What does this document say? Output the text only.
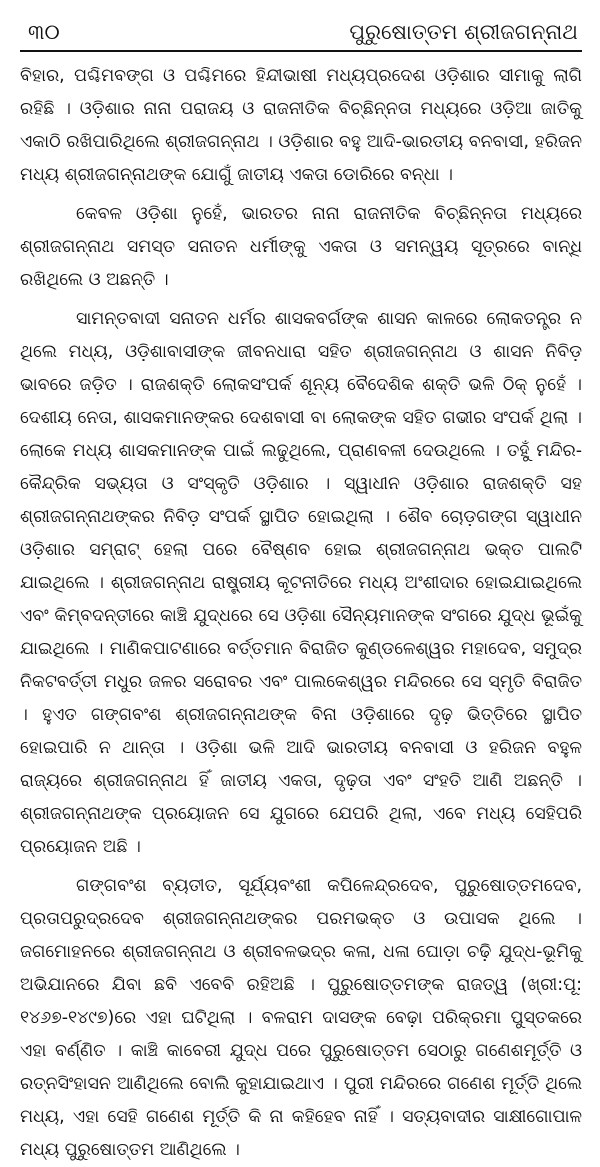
୩୦	ପୁରୁଷୋତ୍ତମ ଶ୍ରୀଜଗନ୍ନାଥ

ବିହାର, ପଶ୍ଚିମବଙ୍ଗ ଓ ପଶ୍ଚିମରେ ହିନ୍ଦୀଭାଷୀ ମଧ୍ୟପ୍ରଦେଶ ଓଡ଼ିଶାର ସୀମାକୁ ଲାଗି ରହିଛି । ଓଡ଼ିଶାର ନାନା ପରାଜୟ ଓ ରାଜନୀତିକ ବିଚ୍ଛିନ୍ନତା ମଧ୍ୟରେ ଓଡ଼ିଆ ଜାତିକୁ ଏକାଠି ରଖିପାରିଥିଲେ ଶ୍ରୀଜଗନ୍ନାଥ । ଓଡ଼ିଶାର ବହୁ ଆଦି-ଭାରତୀୟ ବନବାସୀ, ହରିଜନ ମଧ୍ୟ ଶ୍ରୀଜଗନ୍ନାଥଙ୍କ ଯୋଗୁଁ ଜାତୀୟ ଏକତା ଡୋରିରେ ବନ୍ଧା ।

କେବଳ ଓଡ଼ିଶା ନୁହେଁ, ଭାରତର ନାନା ରାଜନୀତିକ ବିଚ୍ଛିନ୍ନତା ମଧ୍ୟରେ ଶ୍ରୀଜଗନ୍ନାଥ ସମସ୍ତ ସନାତନ ଧର୍ମୀଙ୍କୁ ଏକତା ଓ ସମନ୍ୱୟ ସୂତ୍ରରେ ବାନ୍ଧି ରଖିଥିଲେ ଓ ଅଛନ୍ତି ।

ସାମନ୍ତବାଦୀ ସନାତନ ଧର୍ମର ଶାସକବର୍ଗଙ୍କ ଶାସନ କାଳରେ ଲୋକତନ୍ତ୍ର ନ ଥିଲେ ମଧ୍ୟ, ଓଡ଼ିଶାବାସୀଙ୍କ ଜୀବନଧାରା ସହିତ ଶ୍ରୀଜଗନ୍ନାଥ ଓ ଶାସନ ନିବିଡ଼ ଭାବରେ ଜଡ଼ିତ । ରାଜଶକ୍ତି ଲୋକସଂପର୍କ ଶୂନ୍ୟ ବୈଦେଶିକ ଶକ୍ତି ଭଳି ଠିକ୍ ନୁହେଁ । ଦେଶୀୟ ନେତା, ଶାସକମାନଙ୍କର ଦେଶବାସୀ ବା ଲୋକଙ୍କ ସହିତ ଗଭୀର ସଂପର୍କ ଥିଲା । ଲୋକେ ମଧ୍ୟ ଶାସକମାନଙ୍କ ପାଇଁ ଲଢୁଥିଲେ, ପ୍ରାଣବଳୀ ଦେଉଥିଲେ । ତହୁଁ ମନ୍ଦିର-କୈନ୍ଦ୍ରିକ ସଭ୍ୟତା ଓ ସଂସ୍କୃତି ଓଡ଼ିଶାର । ସ୍ୱାଧୀନ ଓଡ଼ିଶାର ରାଜଶକ୍ତି ସହ ଶ୍ରୀଜଗନ୍ନାଥଙ୍କର ନିବିଡ଼ ସଂପର୍କ ସ୍ଥାପିତ ହୋଇଥିଲା । ଶୈବ ଚୋଡ଼ଗଙ୍ଗ ସ୍ୱାଧୀନ ଓଡ଼ିଶାର ସମ୍ରାଟ୍ ହେଲା ପରେ ବୈଷ୍ଣବ ହୋଇ ଶ୍ରୀଜଗନ୍ନାଥ ଭକ୍ତ ପାଲଟି ଯାଇଥିଲେ । ଶ୍ରୀଜଗନ୍ନାଥ ରାଷ୍ଟ୍ରୀୟ କୂଟନୀତିରେ ମଧ୍ୟ ଅଂଶୀଦାର ହୋଇଯାଇଥିଲେ ଏବଂ କିମ୍ବଦନ୍ତୀରେ କାଞ୍ଚି ଯୁଦ୍ଧରେ ସେ ଓଡ଼ିଶା ସୈନ୍ୟମାନଙ୍କ ସଂଗରେ ଯୁଦ୍ଧ ଭୂଇଁକୁ ଯାଇଥିଲେ । ମାଣିକପାଟଣାରେ ବର୍ତ୍ତମାନ ବିରାଜିତ କୁଣ୍ଡଳେଶ୍ୱର ମହାଦେବ, ସମୁଦ୍ର ନିକଟବର୍ତ୍ତୀ ମଧୁର ଜଳର ସରୋବର ଏବଂ ପାଲକେଶ୍ୱର ମନ୍ଦିରରେ ସେ ସ୍ମୃତି ବିରାଜିତ । ହୁଏତ ଗଙ୍ଗବଂଶ ଶ୍ରୀଜଗନ୍ନାଥଙ୍କ ବିନା ଓଡ଼ିଶାରେ ଦୃଢ଼ ଭିତ୍ତିରେ ସ୍ଥାପିତ ହୋଇପାରି ନ ଥାନ୍ତା । ଓଡ଼ିଶା ଭଳି ଆଦି ଭାରତୀୟ ବନବାସୀ ଓ ହରିଜନ ବହୁଳ ରାଜ୍ୟରେ ଶ୍ରୀଜଗନ୍ନାଥ ହିଁ ଜାତୀୟ ଏକତା, ଦୃଢ଼ତା ଏବଂ ସଂହତି ଆଣି ଅଛନ୍ତି । ଶ୍ରୀଜଗନ୍ନାଥଙ୍କ ପ୍ରୟୋଜନ ସେ ଯୁଗରେ ଯେପରି ଥିଲା, ଏବେ ମଧ୍ୟ ସେହିପରି ପ୍ରୟୋଜନ ଅଛି ।

ଗଙ୍ଗବଂଶ ବ୍ୟତୀତ, ସୂର୍ଯ୍ୟବଂଶୀ କପିଳେନ୍ଦ୍ରଦେବ, ପୁରୁଷୋତ୍ତମଦେବ, ପ୍ରତାପରୁଦ୍ରଦେବ ଶ୍ରୀଜଗନ୍ନାଥଙ୍କର ପରମଭକ୍ତ ଓ ଉପାସକ ଥିଲେ । ଜଗମୋହନରେ ଶ୍ରୀଜଗନ୍ନାଥ ଓ ଶ୍ରୀବଳଭଦ୍ର କଳା, ଧଳା ଘୋଡ଼ା ଚଢ଼ି ଯୁଦ୍ଧ-ଭୂମିକୁ ଅଭିଯାନରେ ଯିବା ଛବି ଏବେବି ରହିଅଛି । ପୁରୁଷୋତ୍ତମଙ୍କ ରାଜତ୍ୱ (ଖ୍ରୀ:ପୂ: ୧୪୬୭-୧୪୯୭)ରେ ଏହା ଘଟିଥିଲା । ବଳରାମ ଦାସଙ୍କ ବେଢ଼ା ପରିକ୍ରମା ପୁସ୍ତକରେ ଏହା ବର୍ଣ୍ଣିତ । କାଞ୍ଚି କାବେରୀ ଯୁଦ୍ଧ ପରେ ପୁରୁଷୋତ୍ତମ ସେଠାରୁ ଗଣେଶମୂର୍ତ୍ତି ଓ ରତ୍ନସିଂହାସନ ଆଣିଥିଲେ ବୋଲି କୁହାଯାଇଥାଏ । ପୁରୀ ମନ୍ଦିରରେ ଗଣେଶ ମୂର୍ତ୍ତି ଥିଲେ ମଧ୍ୟ, ଏହା ସେହି ଗଣେଶ ମୂର୍ତ୍ତି କି ନା କହିହେବ ନାହିଁ । ସତ୍ୟବାଦୀର ସାକ୍ଷୀଗୋପାଳ ମଧ୍ୟ ପୁରୁଷୋତ୍ତମ ଆଣିଥିଲେ ।
